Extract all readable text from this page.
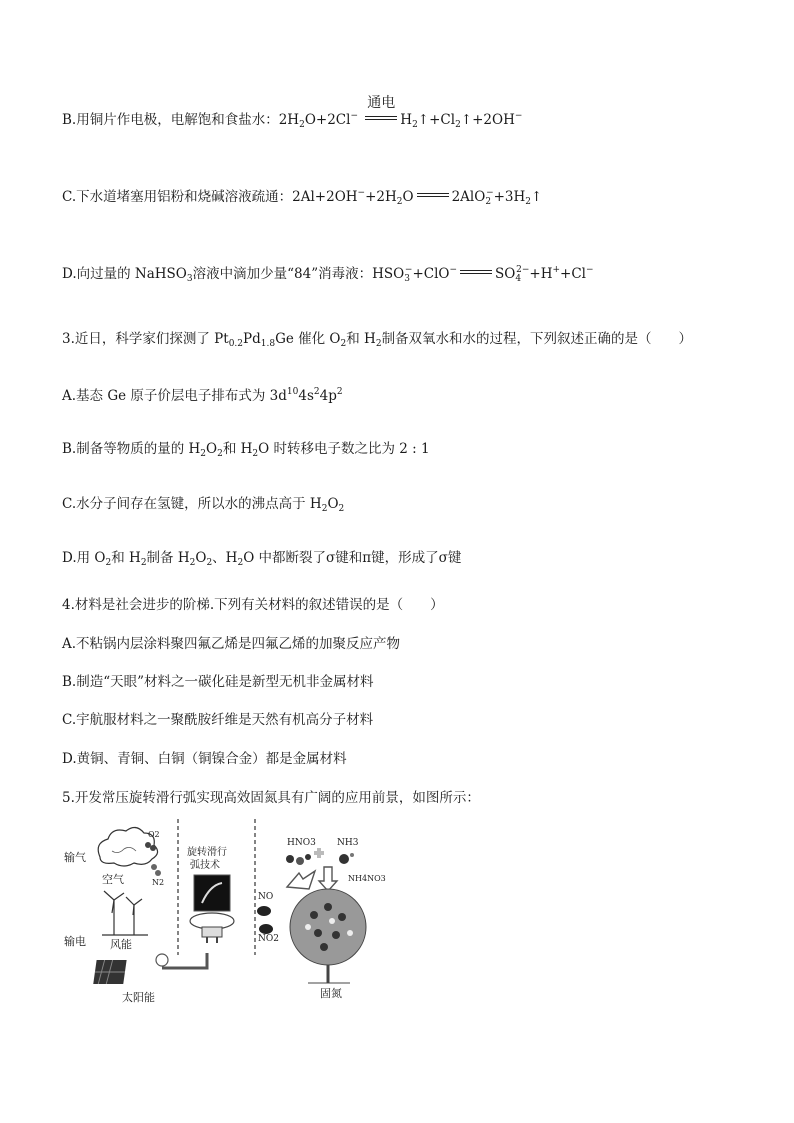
B.用铜片作电极，电解饱和食盐水：$2H_2O+2Cl^-$
通电
$H_2↑+Cl_2↑+2OH^-$
C.下水道堵塞用铝粉和烧碱溶液疏通：$2Al+2OH^-+2H_2O$	$2AlO_2^-+3H_2↑$
D.向过量的 NaHSO$_3$溶液中滴加少量“84”消毒液：$HSO_3^-+ClO^-$	$SO_4^{2-}+H^++Cl^-$
3.近日，科学家们探测了 $Pt_{0.2}Pd_{1.8}Ge$ 催化 $O_2$和 $H_2$制备双氧水和水的过程，下列叙述正确的是（　　）
A.基态 Ge 原子价层电子排布式为 $3d^{10}4s^24p^2$
B.制备等物质的量的 $H_2O_2$和 $H_2O$ 时转移电子数之比为 2 : 1
C.水分子间存在氢键，所以水的沸点高于 $H_2O_2$
D.用 $O_2$和 $H_2$制备 $H_2O_2$、$H_2O$ 中都断裂了σ键和π键，形成了σ键
4.材料是社会进步的阶梯.下列有关材料的叙述错误的是（　　）
A.不粘锅内层涂料聚四氟乙烯是四氟乙烯的加聚反应产物
B.制造“天眼”材料之一碳化硅是新型无机非金属材料
C.宇航服材料之一聚酰胺纤维是天然有机高分子材料
D.黄铜、青铜、白铜（铜镍合金）都是金属材料
5.开发常压旋转滑行弧实现高效固氮具有广阔的应用前景，如图所示：
输气
输电
空气
O2
N2
风能
太阳能
旋转滑行
弧技术
HNO3 NH3
NH4NO3
NO
NO2
固氮
